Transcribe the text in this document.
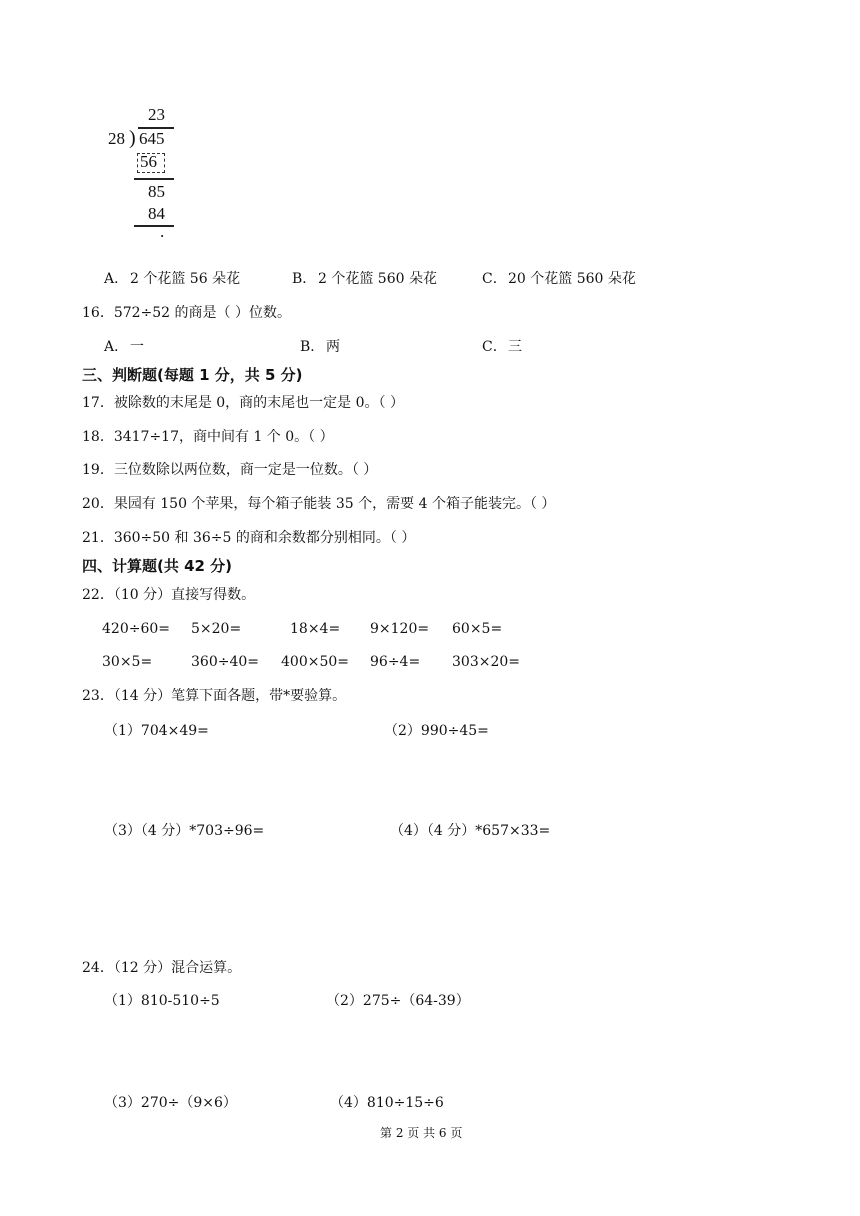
23
28 ) 645
56
85
84
.
A． 2 个花篮 56 朵花	B． 2 个花篮 560 朵花	C． 20 个花篮 560 朵花
16．572÷52 的商是（ ）位数。
A． 一	B． 两	C． 三
三、判断题(每题 1 分，共 5 分)
17．被除数的末尾是 0，商的末尾也一定是 0。（ ）
18．3417÷17，商中间有 1 个 0。（ ）
19．三位数除以两位数，商一定是一位数。（ ）
20．果园有 150 个苹果，每个箱子能装 35 个，需要 4 个箱子能装完。（ ）
21．360÷50 和 36÷5 的商和余数都分别相同。（ ）
四、计算题(共 42 分)
22．（10 分）直接写得数。
420÷60= 5×20=	18×4= 9×120= 60×5=
30×5=	360÷40= 400×50= 96÷4= 303×20=
23．（14 分）笔算下面各题，带*要验算。
（1）704×49=	（2）990÷45=
（3）（4 分）*703÷96=	（4）（4 分）*657×33=
24．（12 分）混合运算。
（1）810-510÷5	（2）275÷（64-39）
（3）270÷（9×6）	（4）810÷15÷6
第 2 页 共 6 页
